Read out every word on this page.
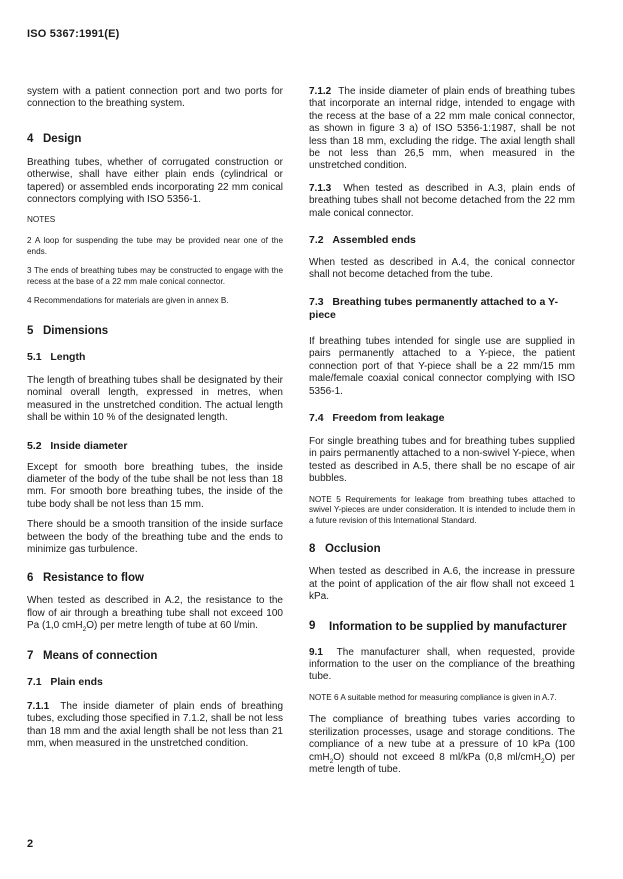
ISO 5367:1991(E)

system with a patient connection port and two ports for connection to the breathing system.

4 Design

Breathing tubes, whether of corrugated construction or otherwise, shall have either plain ends (cylindrical or tapered) or assembled ends incorporating 22 mm conical connectors complying with ISO 5356-1.

NOTES

2 A loop for suspending the tube may be provided near one of the ends.

3 The ends of breathing tubes may be constructed to engage with the recess at the base of a 22 mm male conical connector.

4 Recommendations for materials are given in annex B.

5 Dimensions

5.1 Length

The length of breathing tubes shall be designated by their nominal overall length, expressed in metres, when measured in the unstretched condition. The actual length shall be within 10 % of the designated length.

5.2 Inside diameter

Except for smooth bore breathing tubes, the inside diameter of the body of the tube shall be not less than 18 mm. For smooth bore breathing tubes, the inside of the tube body shall be not less than 15 mm.

There should be a smooth transition of the inside surface between the body of the breathing tube and the ends to minimize gas turbulence.

6 Resistance to flow

When tested as described in A.2, the resistance to the flow of air through a breathing tube shall not exceed 100 Pa (1,0 cmH$_2$O) per metre length of tube at 60 l/min.

7 Means of connection

7.1 Plain ends

7.1.1 The inside diameter of plain ends of breathing tubes, excluding those specified in 7.1.2, shall be not less than 18 mm and the axial length shall be not less than 21 mm, when measured in the unstretched condition.

7.1.2 The inside diameter of plain ends of breathing tubes that incorporate an internal ridge, intended to engage with the recess at the base of a 22 mm male conical connector, as shown in figure 3 a) of ISO 5356-1:1987, shall be not less than 18 mm, excluding the ridge. The axial length shall be not less than 26,5 mm, when measured in the unstretched condition.

7.1.3 When tested as described in A.3, plain ends of breathing tubes shall not become detached from the 22 mm male conical connector.

7.2 Assembled ends

When tested as described in A.4, the conical connector shall not become detached from the tube.

7.3 Breathing tubes permanently attached to a Y-piece

If breathing tubes intended for single use are supplied in pairs permanently attached to a Y-piece, the patient connection port of that Y-piece shall be a 22 mm/15 mm male/female coaxial conical connector complying with ISO 5356-1.

7.4 Freedom from leakage

For single breathing tubes and for breathing tubes supplied in pairs permanently attached to a non-swivel Y-piece, when tested as described in A.5, there shall be no escape of air bubbles.

NOTE 5 Requirements for leakage from breathing tubes attached to swivel Y-pieces are under consideration. It is intended to include them in a future revision of this International Standard.

8 Occlusion

When tested as described in A.6, the increase in pressure at the point of application of the air flow shall not exceed 1 kPa.

9	Information to be supplied by manufacturer

9.1 The manufacturer shall, when requested, provide information to the user on the compliance of the breathing tube.

NOTE 6 A suitable method for measuring compliance is given in A.7.

The compliance of breathing tubes varies according to sterilization processes, usage and storage conditions. The compliance of a new tube at a pressure of 10 kPa (100 cmH$_2$O) should not exceed 8 ml/kPa (0,8 ml/cmH$_2$O) per metre length of tube.

2
